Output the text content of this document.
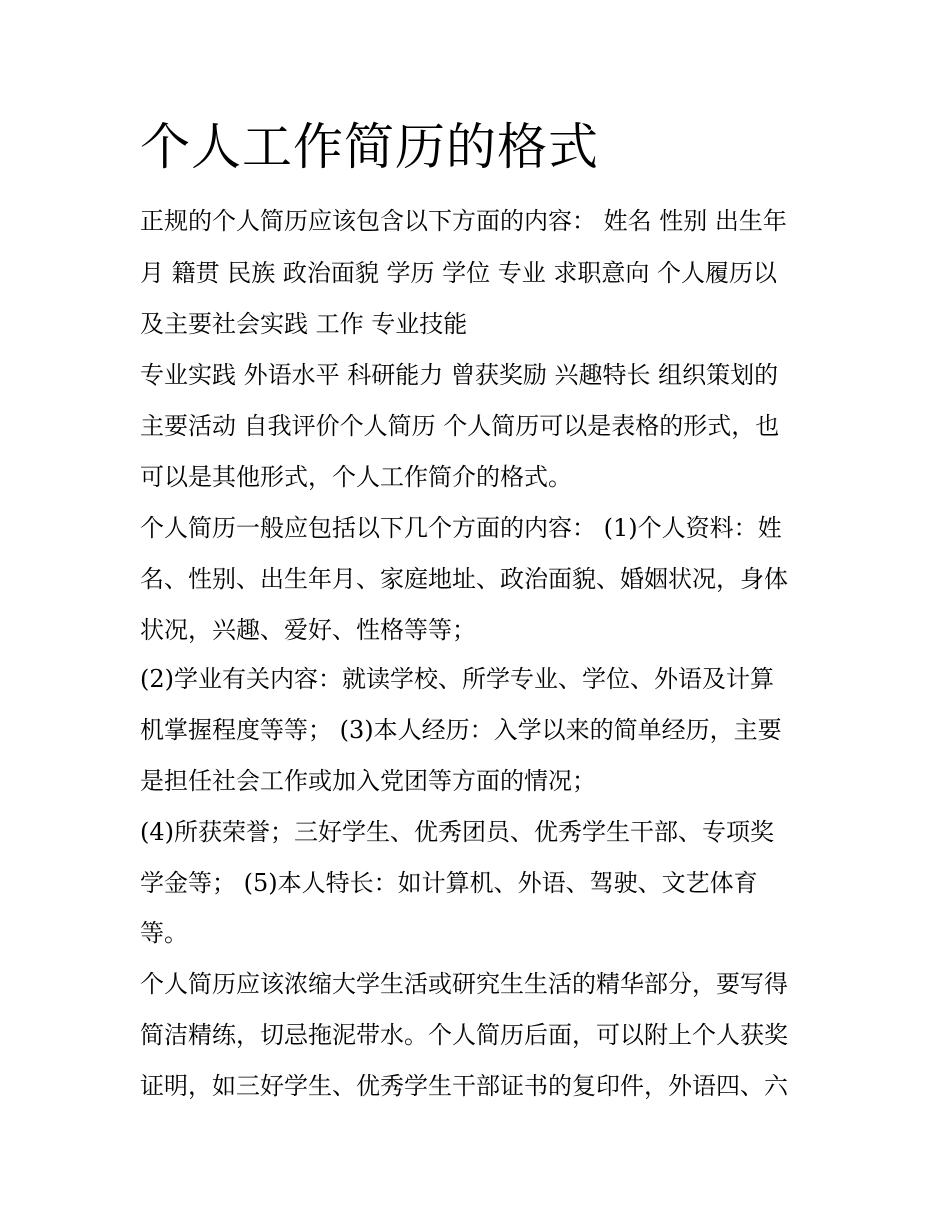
个人工作简历的格式

正规的个人简历应该包含以下方面的内容： 姓名 性别 出生年

月 籍贯 民族 政治面貌 学历 学位 专业 求职意向 个人履历以

及主要社会实践 工作 专业技能

专业实践 外语水平 科研能力 曾获奖励 兴趣特长 组织策划的

主要活动 自我评价个人简历 个人简历可以是表格的形式，也

可以是其他形式，个人工作简介的格式。

个人简历一般应包括以下几个方面的内容： (1)个人资料：姓

名、性别、出生年月、家庭地址、政治面貌、婚姻状况，身体

状况，兴趣、爱好、性格等等；

(2)学业有关内容：就读学校、所学专业、学位、外语及计算

机掌握程度等等； (3)本人经历：入学以来的简单经历，主要

是担任社会工作或加入党团等方面的情况；

(4)所获荣誉；三好学生、优秀团员、优秀学生干部、专项奖

学金等； (5)本人特长：如计算机、外语、驾驶、文艺体育

等。

个人简历应该浓缩大学生活或研究生生活的精华部分，要写得

简洁精练，切忌拖泥带水。个人简历后面，可以附上个人获奖

证明，如三好学生、优秀学生干部证书的复印件，外语四、六
